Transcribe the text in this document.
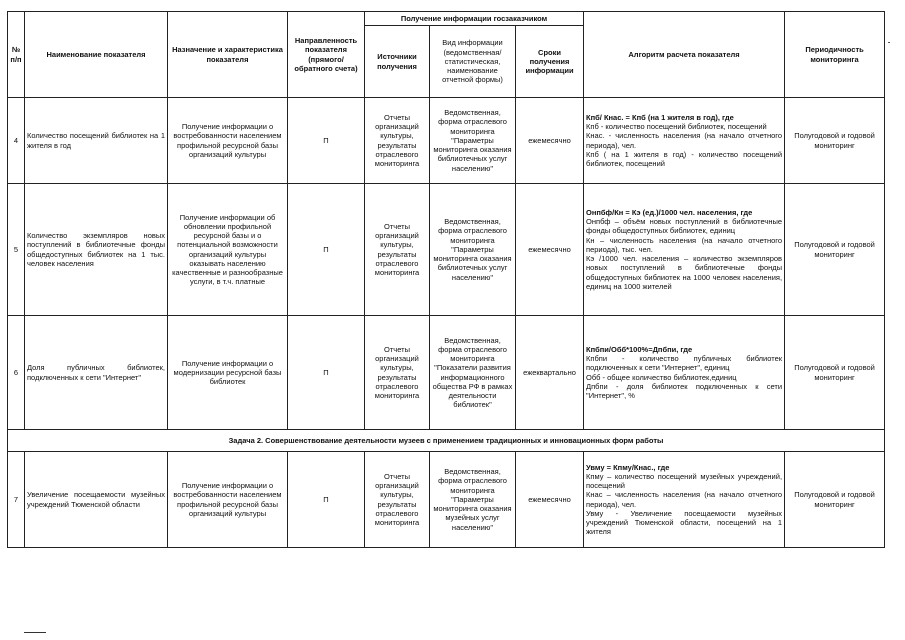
№ п/п	Наименование показателя	Назначение и характеристика показателя	Направленность показателя (прямого/ обратного счета)	Получение информации госзаказчиком			Алгоритм расчета показателя	Периодичность мониторинга
				Источники получения	Вид информации (ведомственная/ статистическая, наименование отчетной формы)	Сроки получения информации		
4	Количество посещений библиотек на 1 жителя в год	Получение информации о востребованности населением профильной ресурсной базы организаций культуры	П	Отчеты организаций культуры, результаты отраслевого мониторинга	Ведомственная, форма отраслевого мониторинга "Параметры мониторинга оказания библиотечных услуг населению"	ежемесячно	Кпб/ Кнас. = Кпб (на 1 жителя в год), где
Кпб - количество посещений библиотек, посещений
Кнас. - численность населения (на начало отчетного периода), чел.
Кпб ( на 1 жителя в год) - количество посещений библиотек, посещений	Полугодовой и годовой мониторинг
5	Количество экземпляров новых поступлений в библиотечные фонды общедоступных библиотек на 1 тыс. человек населения	Получение информации об обновлении профильной ресурсной базы и о потенциальной возможности организаций культуры оказывать населению качественные и разнообразные услуги, в т.ч. платные	П	Отчеты организаций культуры, результаты отраслевого мониторинга	Ведомственная, форма отраслевого мониторинга "Параметры мониторинга оказания библиотечных услуг населению"	ежемесячно	Онпбф/Кн = Кэ (ед.)/1000 чел. населения, где
Онпбф – объём новых поступлений в библиотечные фонды общедоступных библиотек, единиц
Кн – численность населения (на начало отчетного периода), тыс. чел.
Кэ /1000 чел. населения – количество экземпляров новых поступлений в библиотечные фонды общедоступных библиотек на 1000 человек населения, единиц на 1000 жителей	Полугодовой и годовой мониторинг
6	Доля публичных библиотек, подключенных к сети "Интернет"	Получение информации о модернизации ресурсной базы библиотек	П	Отчеты организаций культуры, результаты отраслевого мониторинга	Ведомственная, форма отраслевого мониторинга "Показатели развития информационного общества РФ в рамках деятельности библиотек"	ежеквартально	Кпбпи/Обб*100%=Дпбпи, где
Кпбпи - количество публичных библиотек подключенных к сети "Интернет", единиц
Обб - общее количество библиотек,единиц
Дпбпи - доля библиотек подключенных к сети "Интернет", %	Полугодовой и годовой мониторинг
Задача 2. Совершенствование деятельности музеев с применением традиционных и инновационных форм работы								
7	Увеличение посещаемости музейных учреждений Тюменской области	Получение информации о востребованности населением профильной ресурсной базы организаций культуры	П	Отчеты организаций культуры, результаты отраслевого мониторинга	Ведомственная, форма отраслевого мониторинга "Параметры мониторинга оказания музейных услуг населению"	ежемесячно	Увму = Кпму/Кнас., где
Кпму – количество посещений музейных учреждений, посещений
Кнас – численность населения (на начало отчетного периода), чел.
Увму - Увеличение посещаемости музейных учреждений Тюменской области, посещений на 1 жителя	Полугодовой и годовой мониторинг
